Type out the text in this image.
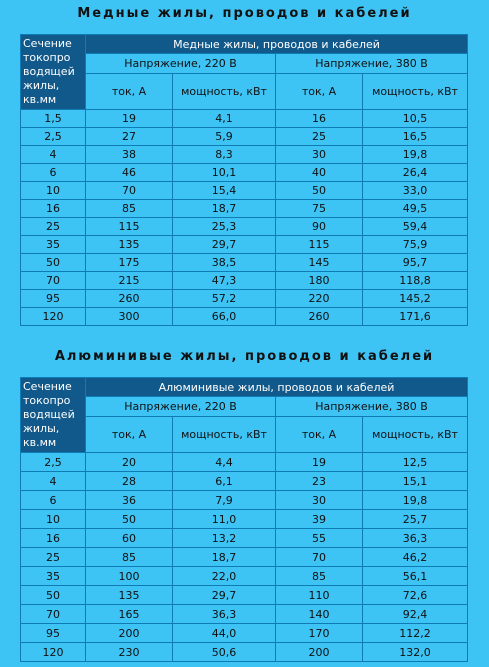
Медные жилы, проводов и кабелей
Сечение токопро водящей жилы, кв.мм	Медные жилы, проводов и кабелей			
	Напряжение, 220 В		Напряжение, 380 В	
	ток, А	мощность, кВт	ток, А	мощность, кВт
1,5	19	4,1	16	10,5
2,5	27	5,9	25	16,5
4	38	8,3	30	19,8
6	46	10,1	40	26,4
10	70	15,4	50	33,0
16	85	18,7	75	49,5
25	115	25,3	90	59,4
35	135	29,7	115	75,9
50	175	38,5	145	95,7
70	215	47,3	180	118,8
95	260	57,2	220	145,2
120	300	66,0	260	171,6
Алюминивые жилы, проводов и кабелей
Сечение токопро водящей жилы, кв.мм	Алюминивые жилы, проводов и кабелей			
	Напряжение, 220 В		Напряжение, 380 В	
	ток, А	мощность, кВт	ток, А	мощность, кВт
2,5	20	4,4	19	12,5
4	28	6,1	23	15,1
6	36	7,9	30	19,8
10	50	11,0	39	25,7
16	60	13,2	55	36,3
25	85	18,7	70	46,2
35	100	22,0	85	56,1
50	135	29,7	110	72,6
70	165	36,3	140	92,4
95	200	44,0	170	112,2
120	230	50,6	200	132,0
